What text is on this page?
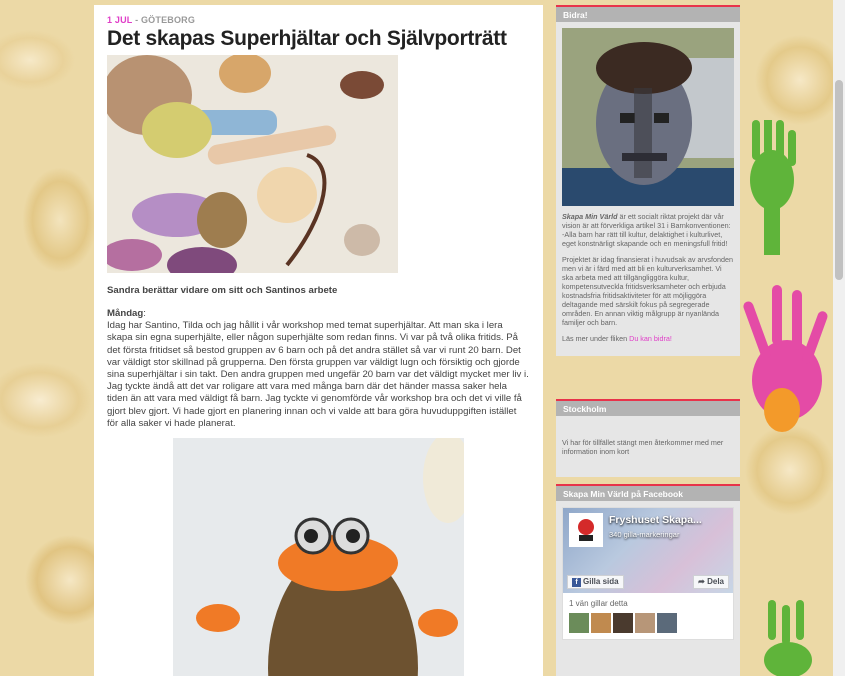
1 JUL - GÖTEBORG
Det skapas Superhjältar och Självporträtt

Sandra berättar vidare om sitt och Santinos arbete

Måndag:

Idag har Santino, Tilda och jag hållit i vår workshop med temat superhjältar. Att man ska i lera skapa sin egna superhjälte, eller någon superhjälte som redan finns. Vi var på två olika fritids. På det första fritidset så bestod gruppen av 6 barn och på det andra stället så var vi runt 20 barn. Det var väldigt stor skillnad på grupperna. Den första gruppen var väldigt lugn och försiktig och gjorde sina superhjältar i sin takt. Den andra gruppen med ungefär 20 barn var det väldigt mycket mer liv i. Jag tyckte ändå att det var roligare att vara med många barn där det händer massa saker hela tiden än att vara med väldigt få barn. Jag tyckte vi genomförde vår workshop bra och det vi ville få gjort blev gjort. Vi hade gjort en planering innan och vi valde att bara göra huvuduppgiften istället för alla saker vi hade planerat.

Bidra!

Skapa Min Värld är ett socialt riktat projekt där vår vision är att förverkliga artikel 31 i Barnkonventionen: -Alla barn har rätt till kultur, delaktighet i kulturlivet, eget konstnärligt skapande och en meningsfull fritid!

Projektet är idag finansierat i huvudsak av arvsfonden men vi är i färd med att bli en kulturverksamhet. Vi ska arbeta med att tillgängliggöra kultur, kompetensutveckla fritidsverksamheter och erbjuda kostnadsfria fritidsaktiviteter för att möjliggöra deltagande med särskilt fokus på segregerade områden. En annan viktig målgrupp är nyanlända familjer och barn.

Läs mer under fliken Du kan bidra!

Stockholm

Vi har för tillfället stängt men återkommer med mer information inom kort

Skapa Min Värld på Facebook
Fryshuset Skapa...
340 gilla-markeringar
f Gilla sida	➦ Dela
1 vän gillar detta
